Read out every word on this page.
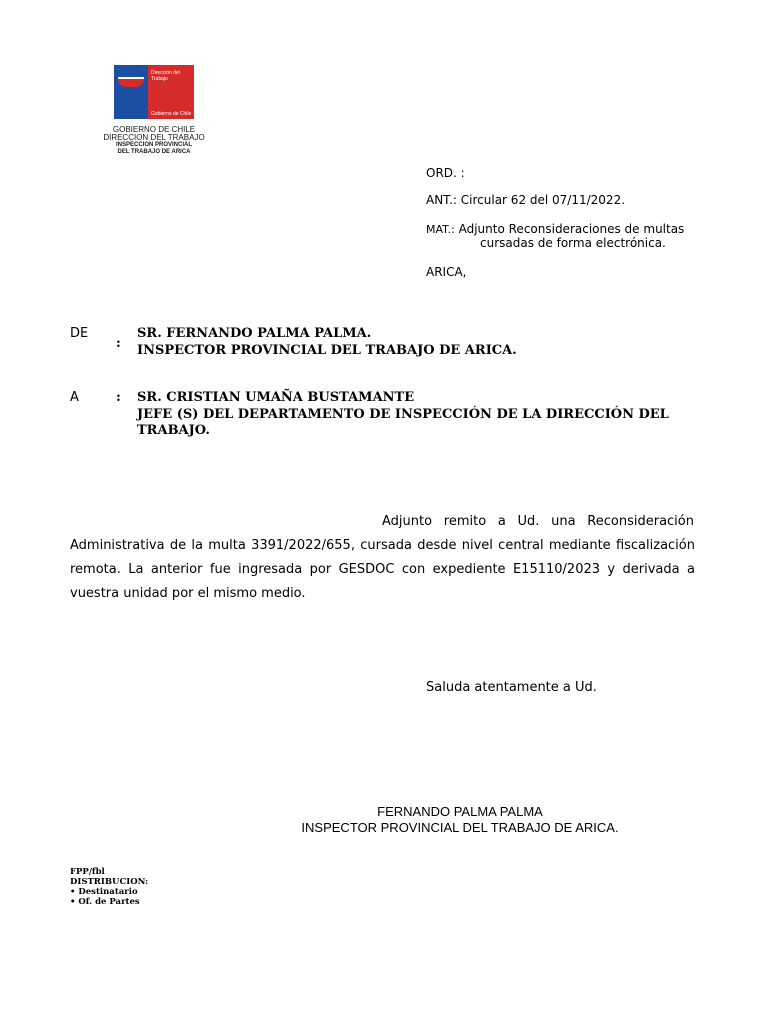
Dirección del Trabajo
Gobierno de Chile
GOBIERNO DE CHILE
DIRECCION DEL TRABAJO
INSPECCION PROVINCIAL
DEL TRABAJO DE ARICA
ORD. :
ANT.: Circular 62 del 07/11/2022.
MAT.: Adjunto Reconsideraciones de multas
cursadas de forma electrónica.
ARICA,
DE
:
SR. FERNANDO PALMA PALMA.
INSPECTOR PROVINCIAL DEL TRABAJO DE ARICA.
A	: SR. CRISTIAN UMAÑA BUSTAMANTE
JEFE (S) DEL DEPARTAMENTO DE INSPECCIÓN DE LA DIRECCIÓN DEL
TRABAJO.
Adjunto remito a Ud. una Reconsideración
Administrativa de la multa 3391/2022/655, cursada desde nivel central mediante fiscalización remota. La anterior fue ingresada por GESDOC con expediente E15110/2023 y derivada a vuestra unidad por el mismo medio.
Saluda atentamente a Ud.
FERNANDO PALMA PALMA
INSPECTOR PROVINCIAL DEL TRABAJO DE ARICA.
FPP/fbl
DISTRIBUCION:
• Destinatario
• Of. de Partes
